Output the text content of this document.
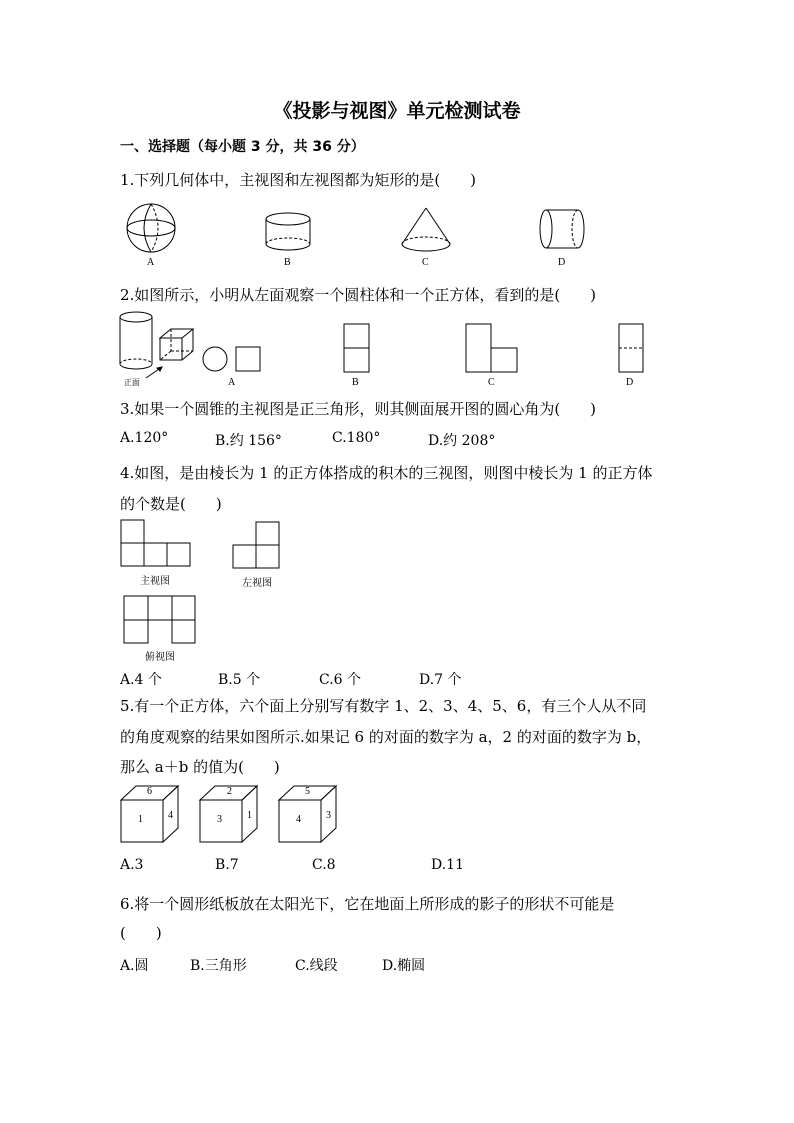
《投影与视图》单元检测试卷
一、选择题（每小题 3 分，共 36 分）
1.下列几何体中，主视图和左视图都为矩形的是(　　)
A	B	C	D
2.如图所示，小明从左面观察一个圆柱体和一个正方体，看到的是(　　)
正面	A	B	C	D
3.如果一个圆锥的主视图是正三角形，则其侧面展开图的圆心角为(　　)
A.120°	B.约 156°	C.180°	D.约 208°
4.如图，是由棱长为 1 的正方体搭成的积木的三视图，则图中棱长为 1 的正方体
的个数是(　　)
主视图	左视图
俯视图
A.4 个	B.5 个	C.6 个	D.7 个
5.有一个正方体，六个面上分别写有数字 1、2、3、4、5、6，有三个人从不同
的角度观察的结果如图所示.如果记 6 的对面的数字为 a，2 的对面的数字为 b，
那么 a＋b 的值为(　　)
6
1	4
2
3	1
5
4	3
A.3	B.7	C.8	D.11
6.将一个圆形纸板放在太阳光下，它在地面上所形成的影子的形状不可能是
(　　)
A.圆	B.三角形	C.线段	D.椭圆
